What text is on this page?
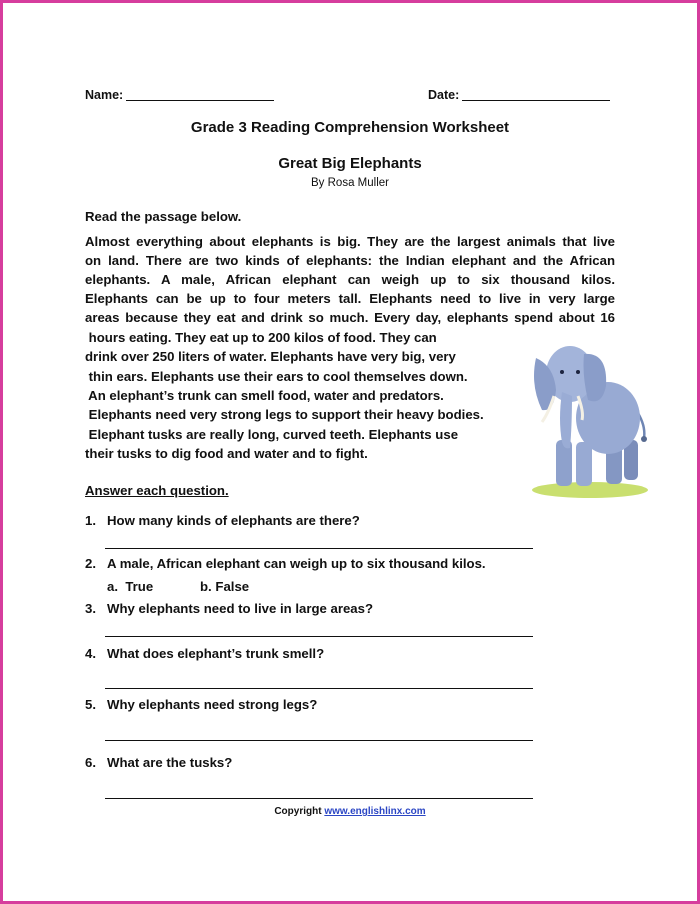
Name:	Date:
Grade 3 Reading Comprehension Worksheet
Great Big Elephants
By Rosa Muller
Read the passage below.
Almost everything about elephants is big. They are the largest animals that live
on land. There are two kinds of elephants: the Indian elephant and the African
elephants. A male, African elephant can weigh up to six thousand kilos.
Elephants can be up to four meters tall. Elephants need to live in very large
areas because they eat and drink so much. Every day, elephants spend about 16
hours eating. They eat up to 200 kilos of food. They can
drink over 250 liters of water. Elephants have very big, very
thin ears. Elephants use their ears to cool themselves down.
An elephant’s trunk can smell food, water and predators.
Elephants need very strong legs to support their heavy bodies.
Elephant tusks are really long, curved teeth. Elephants use
their tusks to dig food and water and to fight.
Answer each question.
1. How many kinds of elephants are there?
2. A male, African elephant can weigh up to six thousand kilos.
a. True	b. False
3. Why elephants need to live in large areas?
4. What does elephant’s trunk smell?
5. Why elephants need strong legs?
6. What are the tusks?
Copyright www.englishlinx.com
